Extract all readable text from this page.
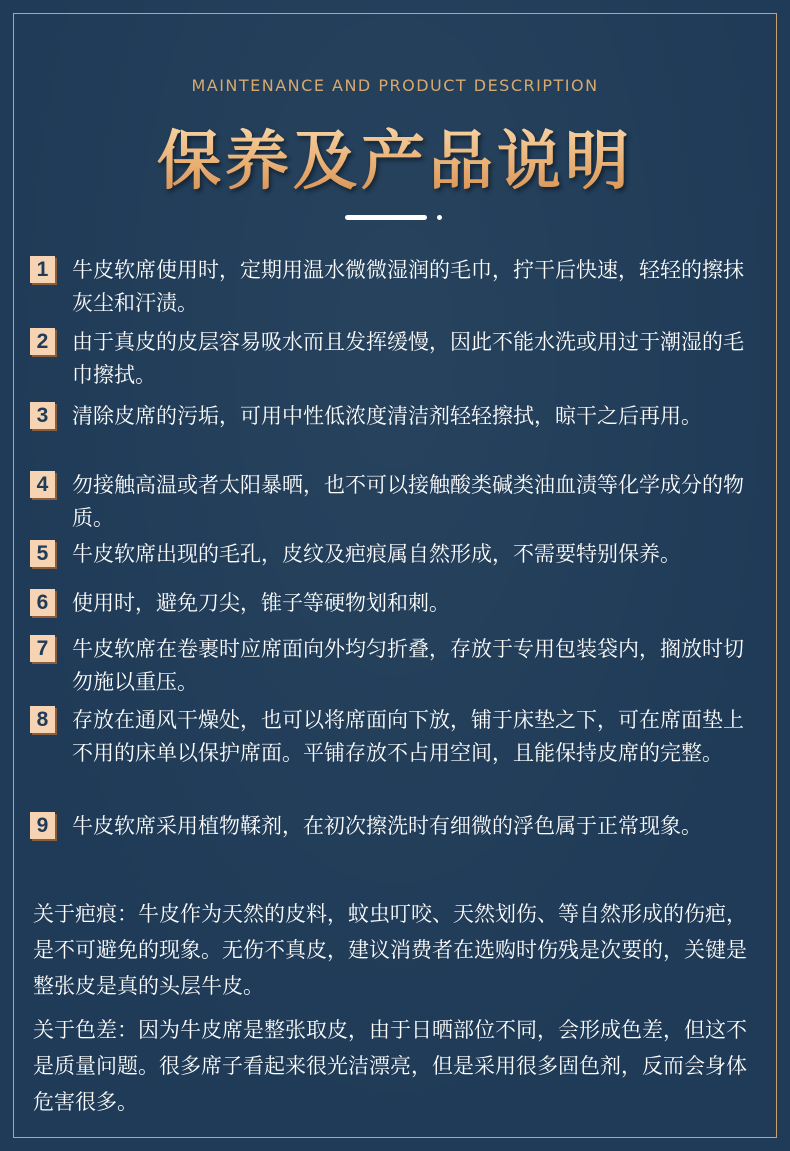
MAINTENANCE AND PRODUCT DESCRIPTION
保养及产品说明
1	牛皮软席使用时，定期用温水微微湿润的毛巾，拧干后快速，轻轻的擦抹灰尘和汗渍。
2	由于真皮的皮层容易吸水而且发挥缓慢，因此不能水洗或用过于潮湿的毛巾擦拭。
3	清除皮席的污垢，可用中性低浓度清洁剂轻轻擦拭，晾干之后再用。
4	勿接触高温或者太阳暴晒，也不可以接触酸类碱类油血渍等化学成分的物质。
5	牛皮软席出现的毛孔，皮纹及疤痕属自然形成，不需要特别保养。
6	使用时，避免刀尖，锥子等硬物划和刺。
7	牛皮软席在卷裹时应席面向外均匀折叠，存放于专用包装袋内，搁放时切勿施以重压。
8	存放在通风干燥处，也可以将席面向下放，铺于床垫之下，可在席面垫上不用的床单以保护席面。平铺存放不占用空间，且能保持皮席的完整。
9	牛皮软席采用植物鞣剂，在初次擦洗时有细微的浮色属于正常现象。
关于疤痕：牛皮作为天然的皮料，蚊虫叮咬、天然划伤、等自然形成的伤疤，是不可避免的现象。无伤不真皮，建议消费者在选购时伤残是次要的，关键是整张皮是真的头层牛皮。
关于色差：因为牛皮席是整张取皮，由于日晒部位不同，会形成色差，但这不是质量问题。很多席子看起来很光洁漂亮，但是采用很多固色剂，反而会身体危害很多。
